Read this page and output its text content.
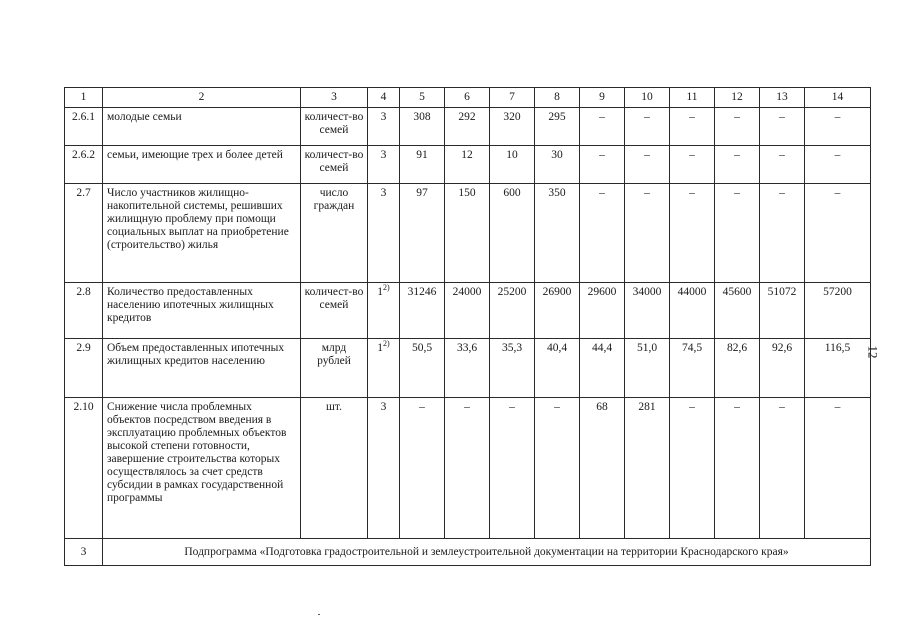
1	2	3	4	5	6	7	8	9	10	11	12	13	14
2.6.1	молодые семьи	количест-во семей	3	308	292	320	295	–	–	–	–	–	–
2.6.2	семьи, имеющие трех и более детей	количест-во семей	3	91	12	10	30	–	–	–	–	–	–
2.7	Число участников жилищно-накопительной системы, решивших жилищную проблему при помощи социальных выплат на приобретение (строительство) жилья	число граждан	3	97	150	600	350	–	–	–	–	–	–
2.8	Количество предоставленных населению ипотечных жилищных кредитов	количест-во семей	1$^{2)}$	31246	24000	25200	26900	29600	34000	44000	45600	51072	57200
2.9	Объем предоставленных ипотечных жилищных кредитов населению	млрд рублей	1$^{2)}$	50,5	33,6	35,3	40,4	44,4	51,0	74,5	82,6	92,6	116,5
2.10	Снижение числа проблемных объектов посредством введения в эксплуатацию проблемных объектов высокой степени готовности, завершение строительства которых осуществлялось за счет средств субсидии в рамках государственной программы	шт.	3	–	–	–	–	68	281	–	–	–	–
3	Подпрограмма «Подготовка градостроительной и землеустроительной документации на территории Краснодарского края»												
12
